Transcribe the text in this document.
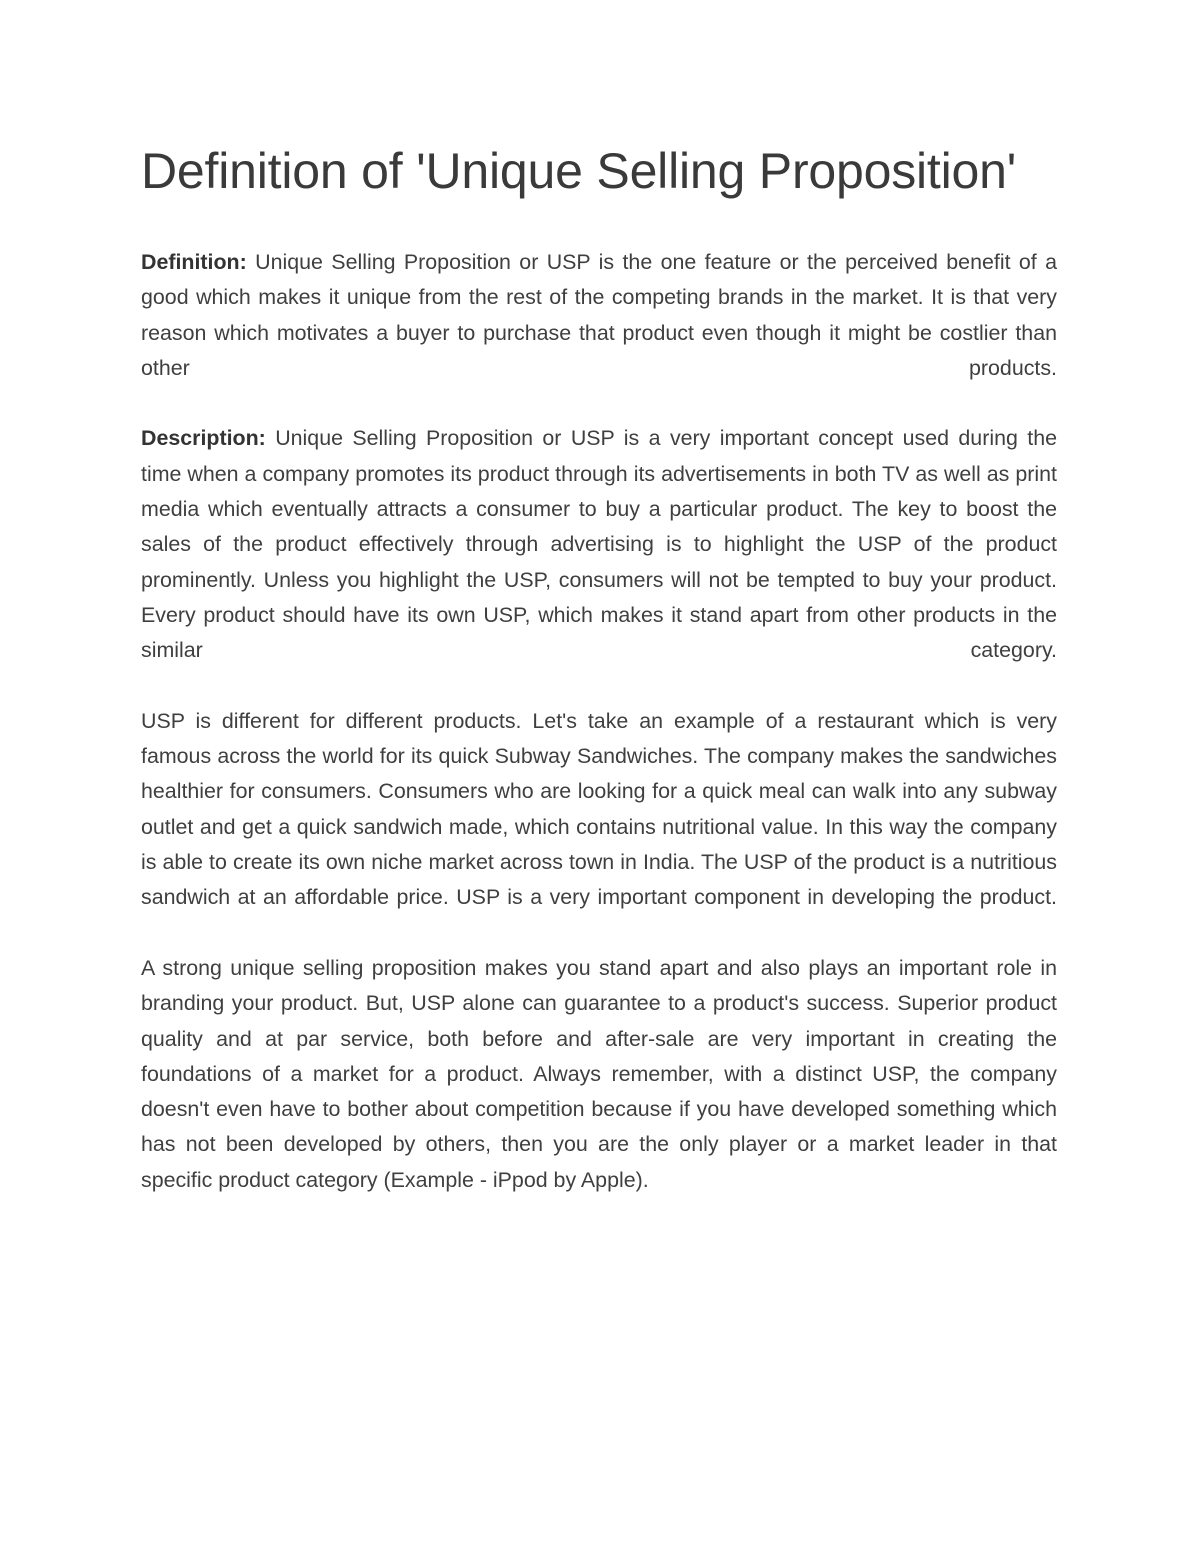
Definition of 'Unique Selling Proposition'

Definition: Unique Selling Proposition or USP is the one feature or the perceived benefit of a good which makes it unique from the rest of the competing brands in the market. It is that very reason which motivates a buyer to purchase that product even though it might be costlier than other products.

Description: Unique Selling Proposition or USP is a very important concept used during the time when a company promotes its product through its advertisements in both TV as well as print media which eventually attracts a consumer to buy a particular product. The key to boost the sales of the product effectively through advertising is to highlight the USP of the product prominently. Unless you highlight the USP, consumers will not be tempted to buy your product. Every product should have its own USP, which makes it stand apart from other products in the similar category.

USP is different for different products. Let's take an example of a restaurant which is very famous across the world for its quick Subway Sandwiches. The company makes the sandwiches healthier for consumers. Consumers who are looking for a quick meal can walk into any subway outlet and get a quick sandwich made, which contains nutritional value. In this way the company is able to create its own niche market across town in India. The USP of the product is a nutritious sandwich at an affordable price. USP is a very important component in developing the product.

A strong unique selling proposition makes you stand apart and also plays an important role in branding your product. But, USP alone can guarantee to a product's success. Superior product quality and at par service, both before and after-sale are very important in creating the foundations of a market for a product. Always remember, with a distinct USP, the company doesn't even have to bother about competition because if you have developed something which has not been developed by others, then you are the only player or a market leader in that specific product category (Example - iPpod by Apple).
